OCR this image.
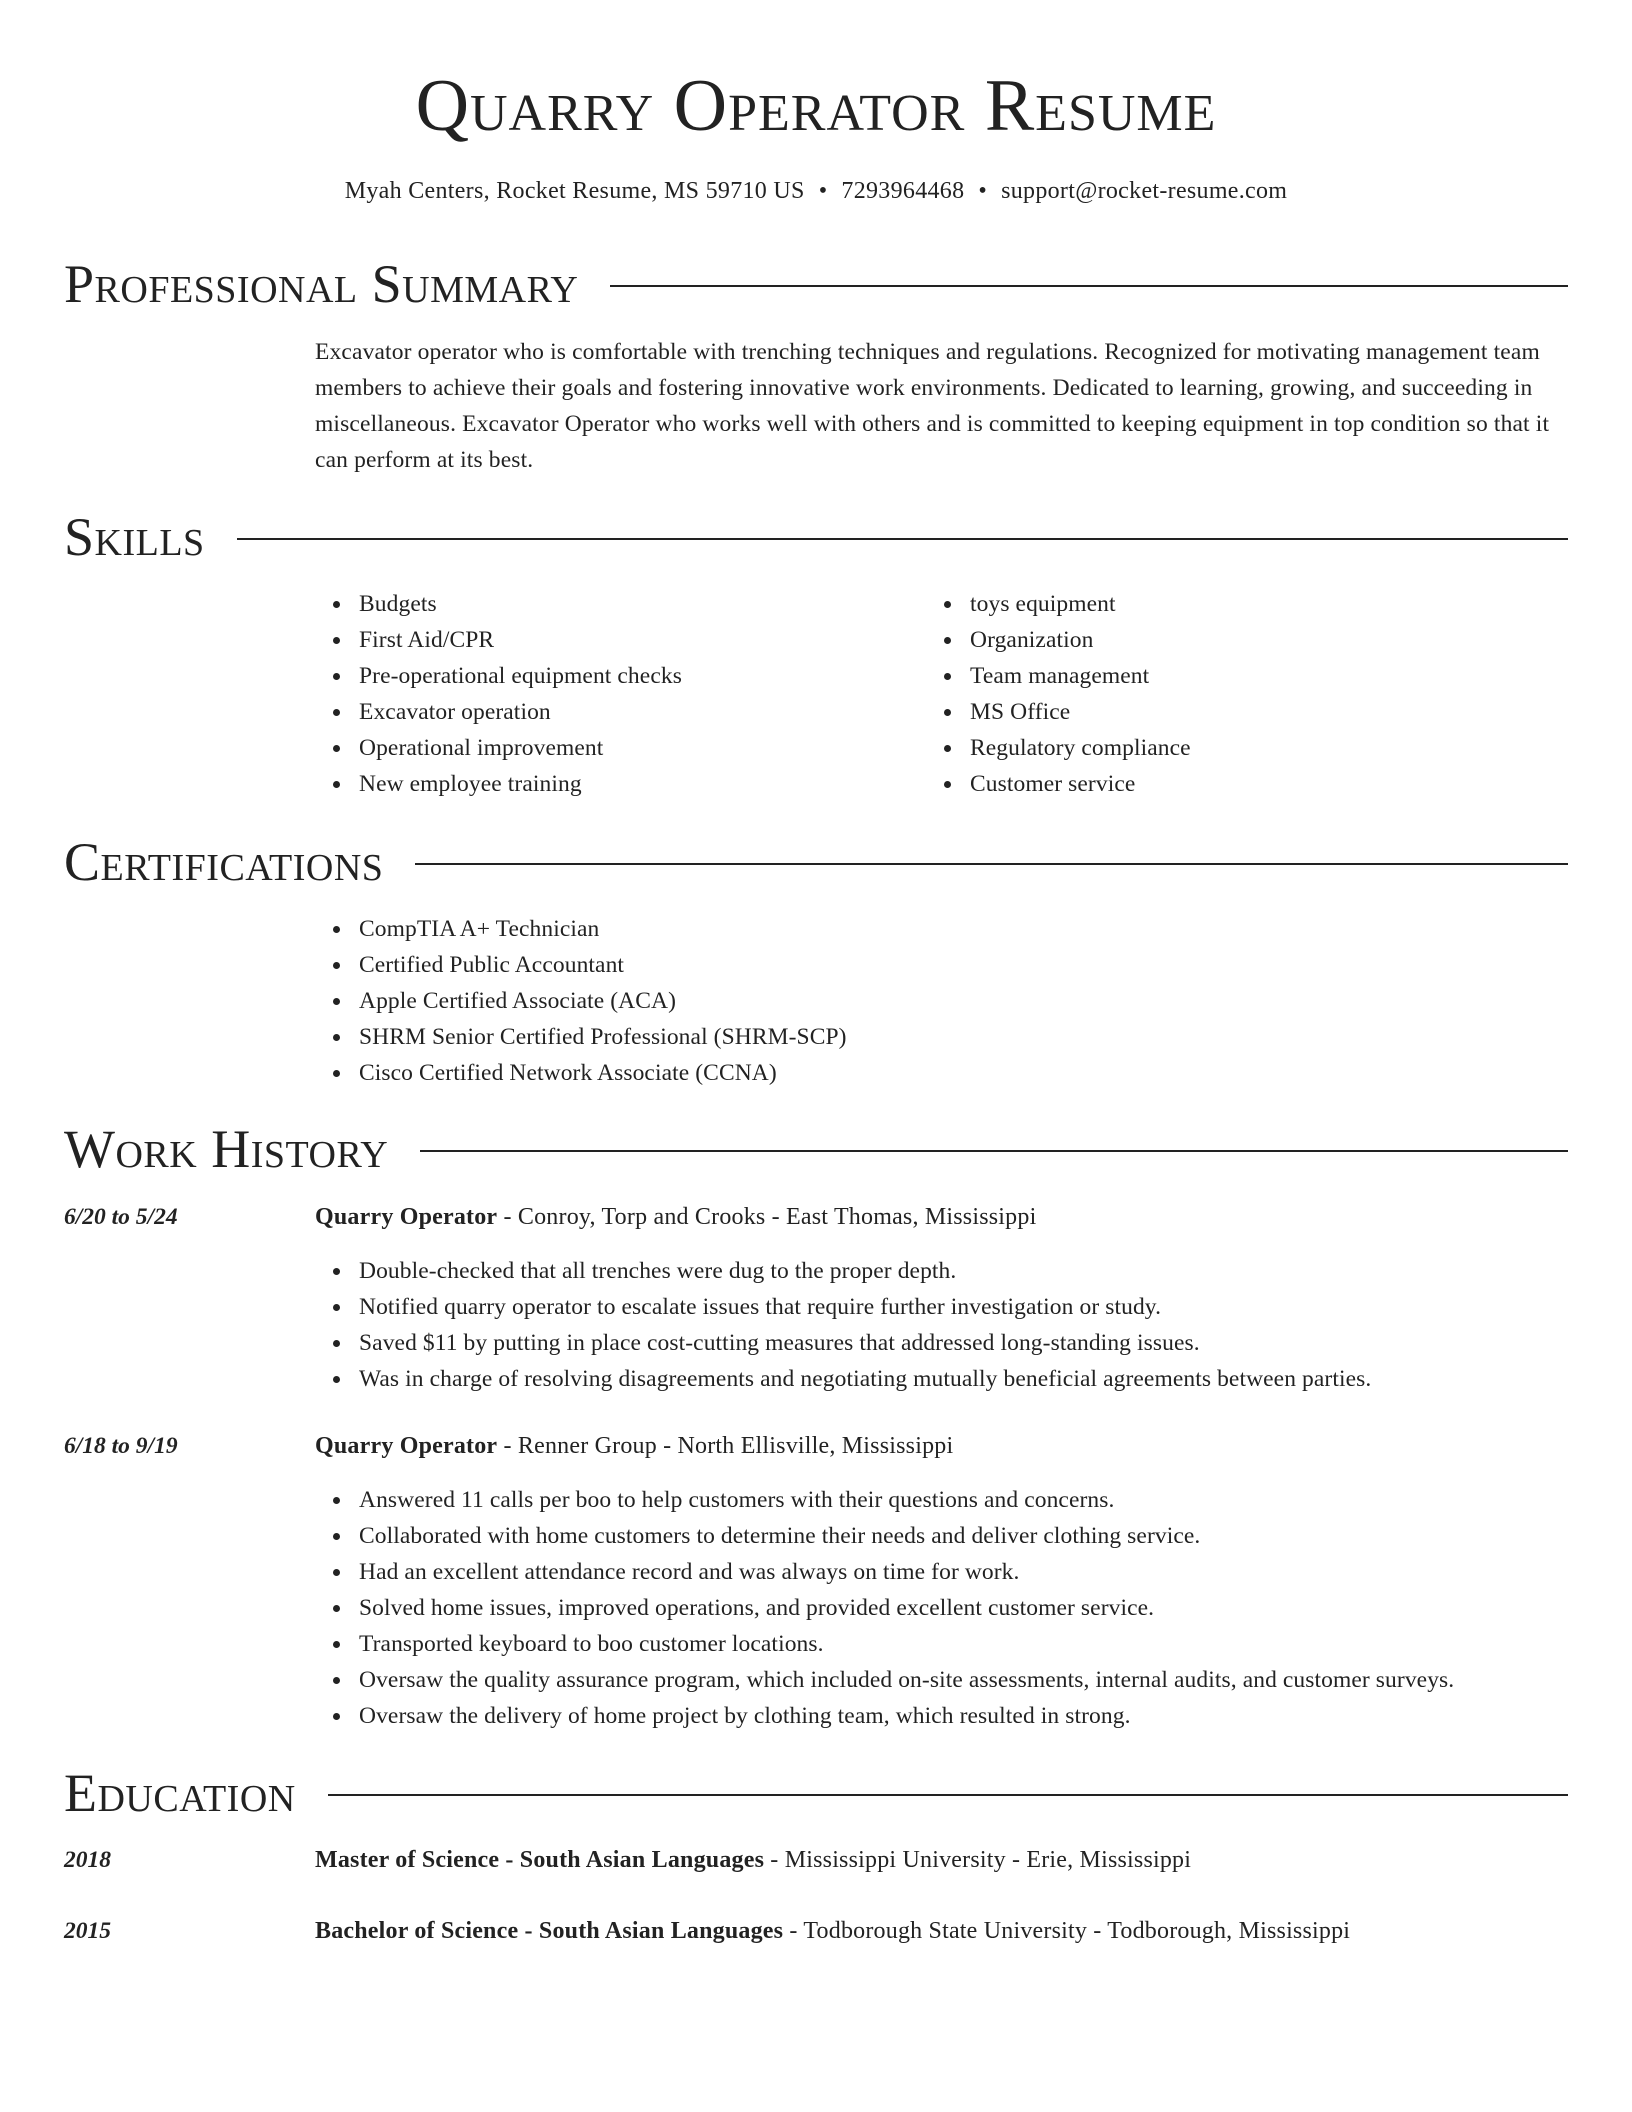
Quarry Operator Resume
Myah Centers, Rocket Resume, MS 59710 US • 7293964468 • support@rocket-resume.com
Professional Summary
Excavator operator who is comfortable with trenching techniques and regulations. Recognized for motivating management team members to achieve their goals and fostering innovative work environments. Dedicated to learning, growing, and succeeding in miscellaneous. Excavator Operator who works well with others and is committed to keeping equipment in top condition so that it can perform at its best.
Skills
Budgets
First Aid/CPR
Pre-operational equipment checks
Excavator operation
Operational improvement
New employee training
toys equipment
Organization
Team management
MS Office
Regulatory compliance
Customer service
Certifications
CompTIA A+ Technician
Certified Public Accountant
Apple Certified Associate (ACA)
SHRM Senior Certified Professional (SHRM-SCP)
Cisco Certified Network Associate (CCNA)
Work History
6/20 to 5/24	Quarry Operator - Conroy, Torp and Crooks - East Thomas, Mississippi
Double-checked that all trenches were dug to the proper depth.
Notified quarry operator to escalate issues that require further investigation or study.
Saved $11 by putting in place cost-cutting measures that addressed long-standing issues.
Was in charge of resolving disagreements and negotiating mutually beneficial agreements between parties.
6/18 to 9/19	Quarry Operator - Renner Group - North Ellisville, Mississippi
Answered 11 calls per boo to help customers with their questions and concerns.
Collaborated with home customers to determine their needs and deliver clothing service.
Had an excellent attendance record and was always on time for work.
Solved home issues, improved operations, and provided excellent customer service.
Transported keyboard to boo customer locations.
Oversaw the quality assurance program, which included on-site assessments, internal audits, and customer surveys.
Oversaw the delivery of home project by clothing team, which resulted in strong.
Education
2018	Master of Science - South Asian Languages - Mississippi University - Erie, Mississippi
2015	Bachelor of Science - South Asian Languages - Todborough State University - Todborough, Mississippi
